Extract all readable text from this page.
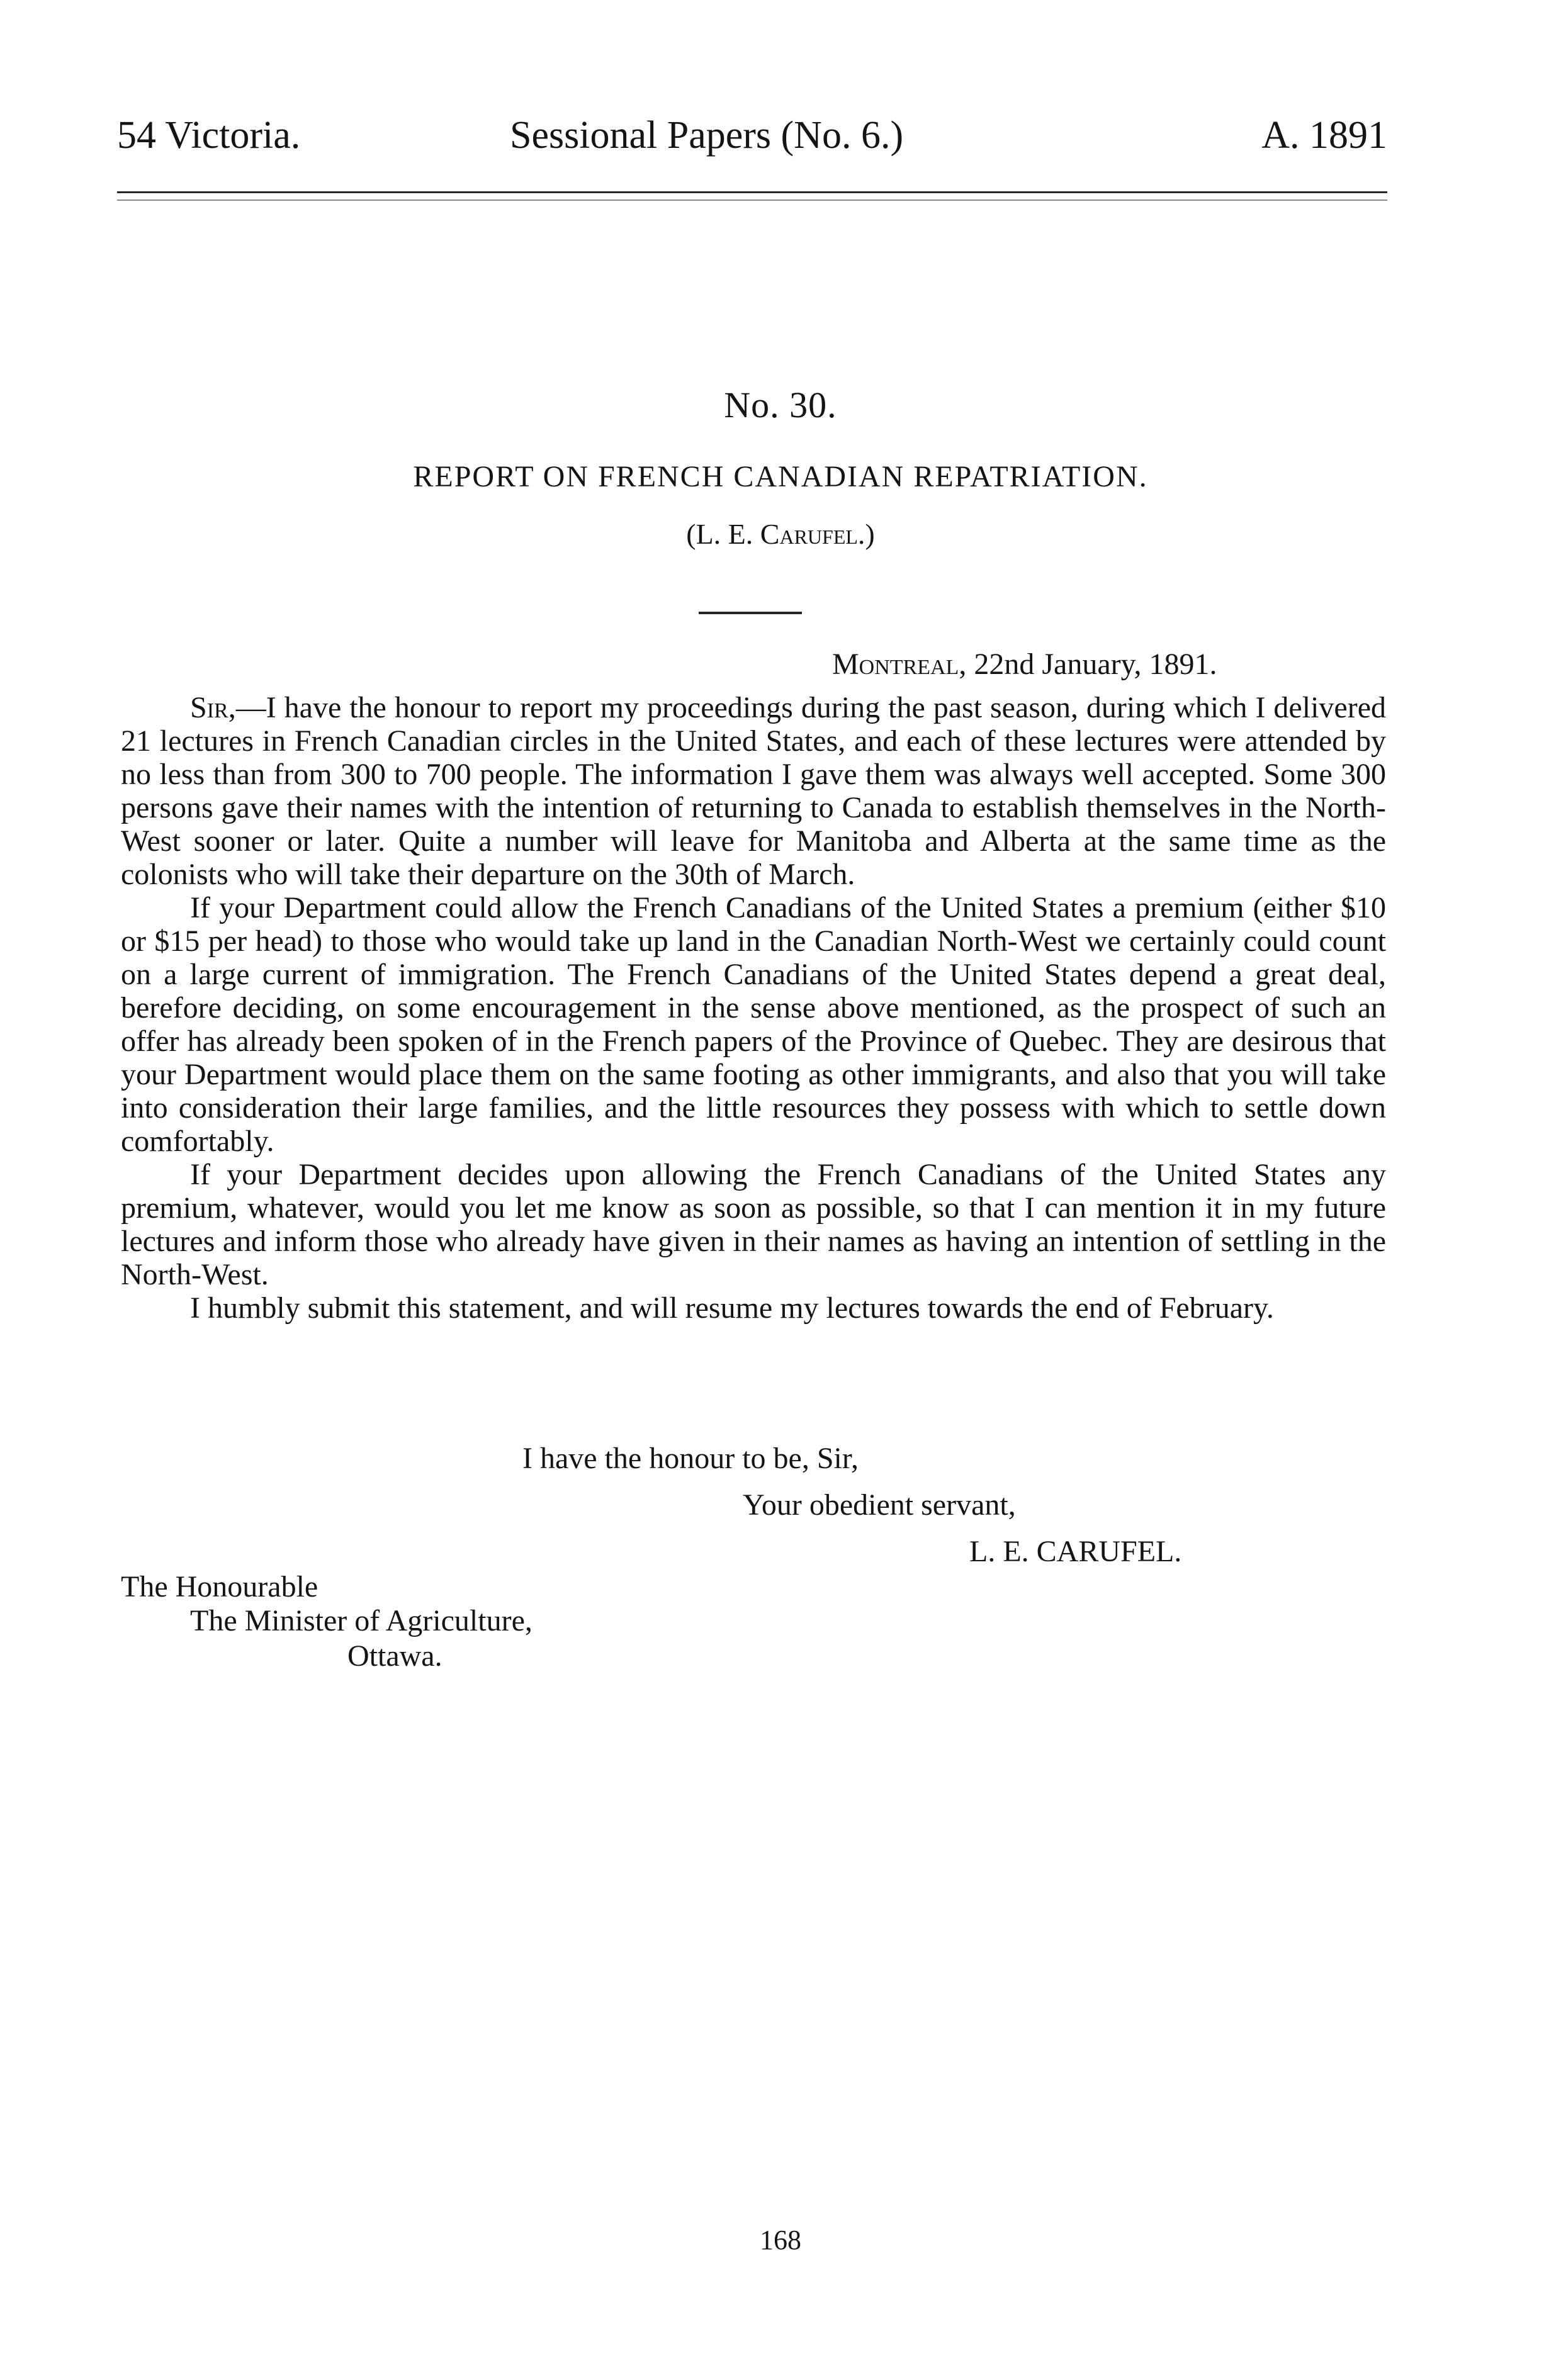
54 Victoria.	Sessional Papers (No. 6.)	A. 1891
No. 30.
REPORT ON FRENCH CANADIAN REPATRIATION.
(L. E. Carufel.)
Montreal, 22nd January, 1891.

Sir,—I have the honour to report my proceedings during the past season, during which I delivered 21 lectures in French Canadian circles in the United States, and each of these lectures were attended by no less than from 300 to 700 people. The information I gave them was always well accepted. Some 300 persons gave their names with the intention of returning to Canada to establish themselves in the North-West sooner or later. Quite a number will leave for Manitoba and Alberta at the same time as the colonists who will take their departure on the 30th of March.

If your Department could allow the French Canadians of the United States a premium (either $10 or $15 per head) to those who would take up land in the Canadian North-West we certainly could count on a large current of immigration. The French Canadians of the United States depend a great deal, berefore deciding, on some encouragement in the sense above mentioned, as the prospect of such an offer has already been spoken of in the French papers of the Province of Quebec. They are desirous that your Department would place them on the same footing as other immigrants, and also that you will take into consideration their large families, and the little resources they possess with which to settle down comfortably.

If your Department decides upon allowing the French Canadians of the United States any premium, whatever, would you let me know as soon as possible, so that I can mention it in my future lectures and inform those who already have given in their names as having an intention of settling in the North-West.

I humbly submit this statement, and will resume my lectures towards the end of February.

I have the honour to be, Sir,
Your obedient servant,
L. E. CARUFEL.
The Honourable
The Minister of Agriculture,
Ottawa.
168
